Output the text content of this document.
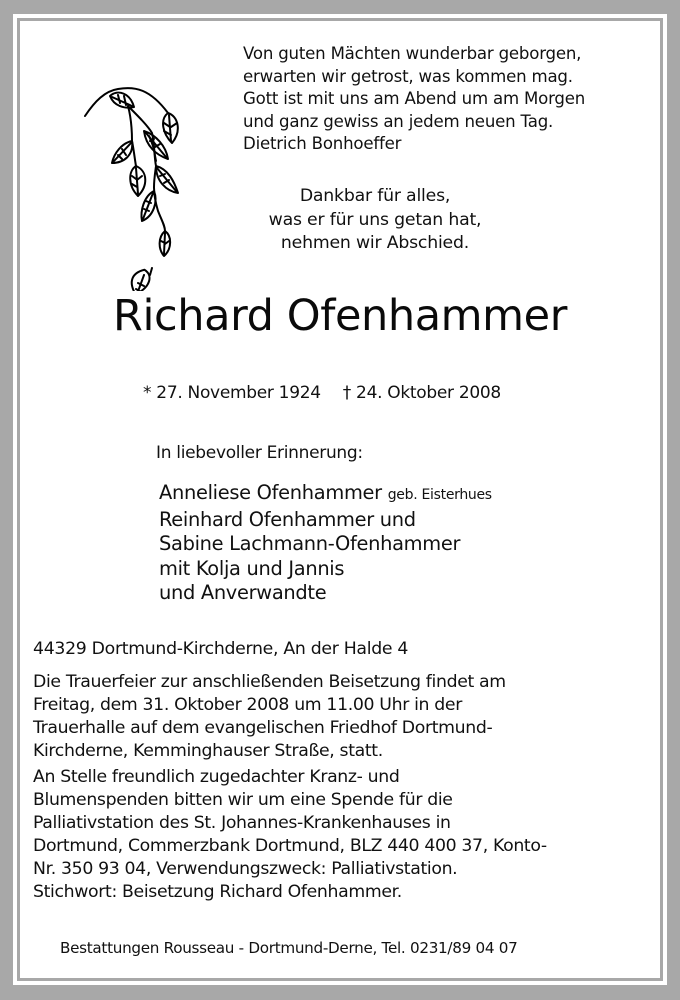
Von guten Mächten wunderbar geborgen,
erwarten wir getrost, was kommen mag.
Gott ist mit uns am Abend um am Morgen
und ganz gewiss an jedem neuen Tag.
Dietrich Bonhoeffer
Dankbar für alles,
was er für uns getan hat,
nehmen wir Abschied.
Richard Ofenhammer
* 27. November 1924 † 24. Oktober 2008
In liebevoller Erinnerung:
Anneliese Ofenhammer geb. Eisterhues
Reinhard Ofenhammer und
Sabine Lachmann-Ofenhammer
mit Kolja und Jannis
und Anverwandte
44329 Dortmund-Kirchderne, An der Halde 4
Die Trauerfeier zur anschließenden Beisetzung findet am
Freitag, dem 31. Oktober 2008 um 11.00 Uhr in der
Trauerhalle auf dem evangelischen Friedhof Dortmund-
Kirchderne, Kemminghauser Straße, statt.
An Stelle freundlich zugedachter Kranz- und
Blumenspenden bitten wir um eine Spende für die
Palliativstation des St. Johannes-Krankenhauses in
Dortmund, Commerzbank Dortmund, BLZ 440 400 37, Konto-
Nr. 350 93 04, Verwendungszweck: Palliativstation.
Stichwort: Beisetzung Richard Ofenhammer.
Bestattungen Rousseau - Dortmund-Derne, Tel. 0231/89 04 07
